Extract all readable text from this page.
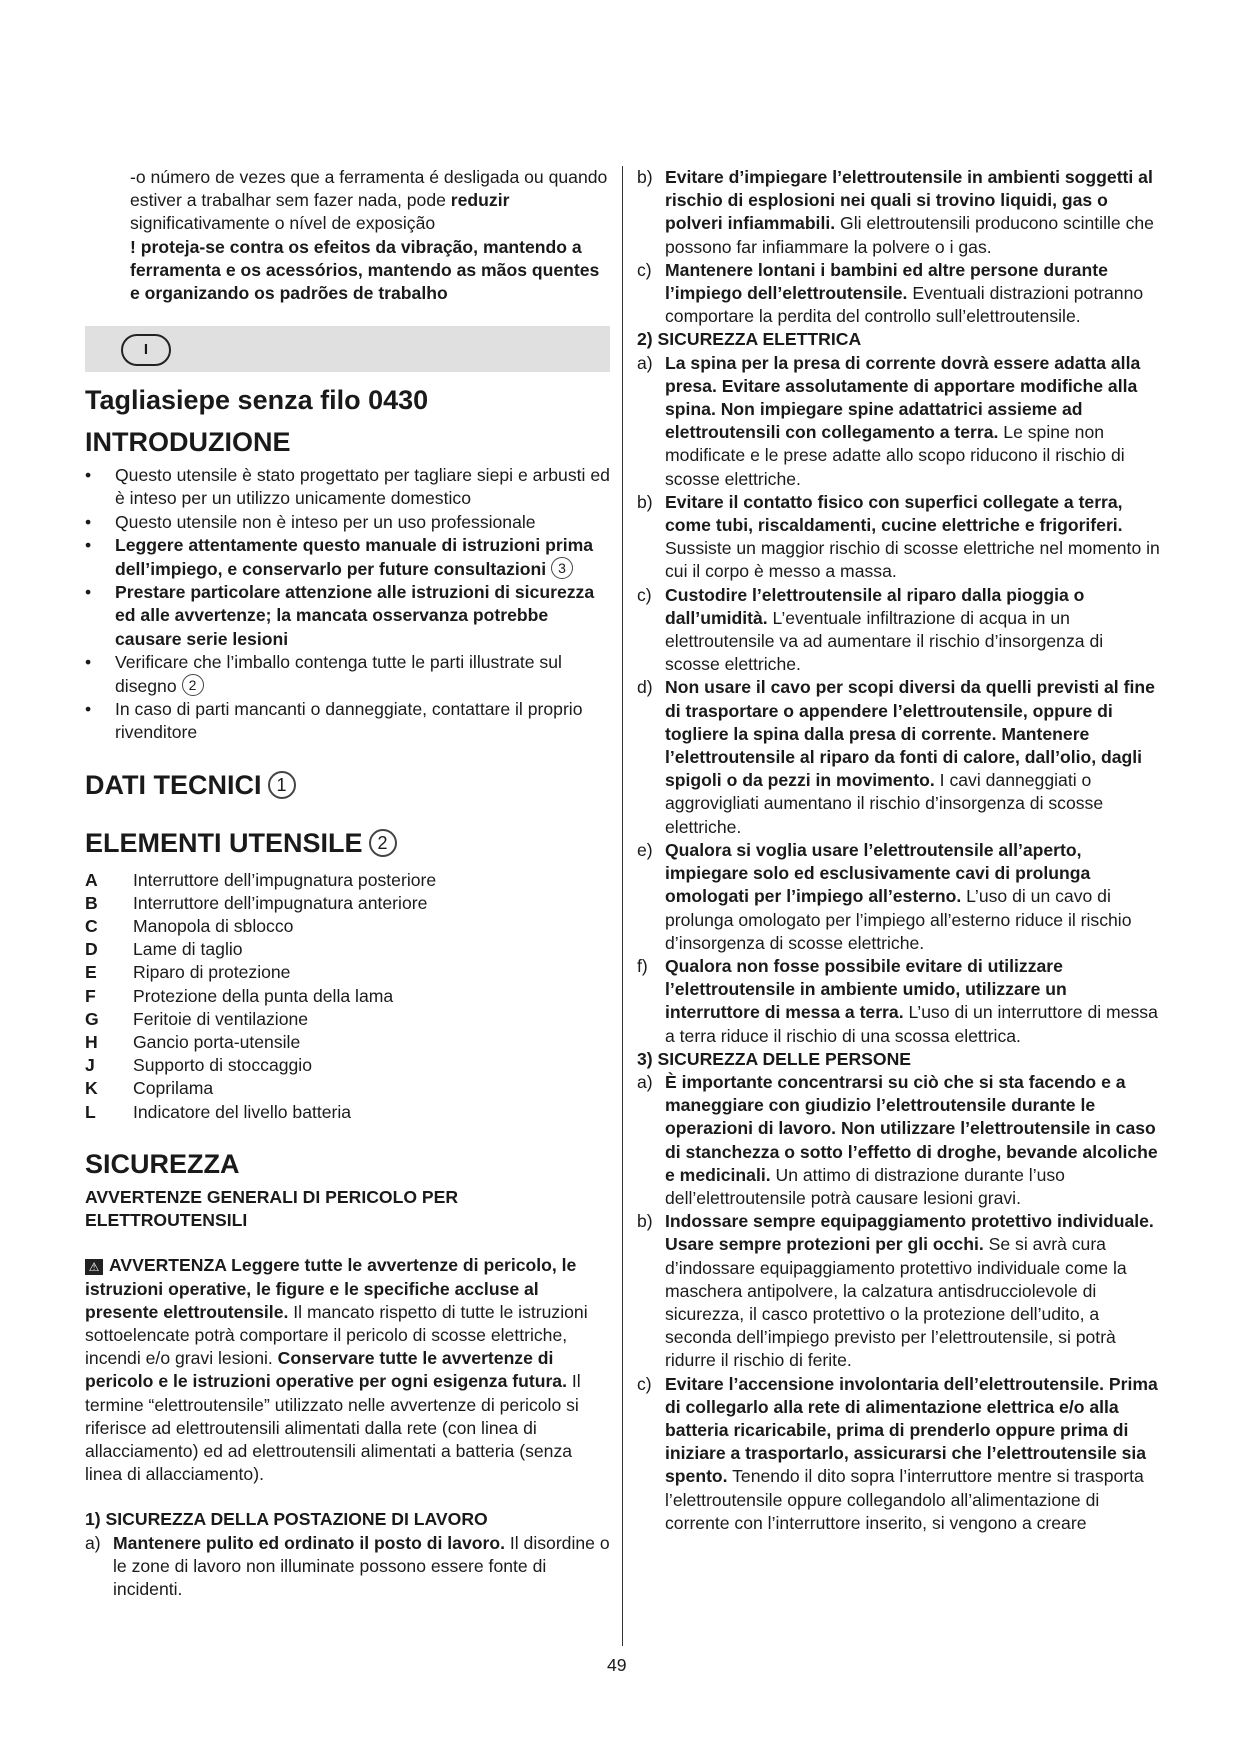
-o número de vezes que a ferramenta é desligada ou quando estiver a trabalhar sem fazer nada, pode reduzir significativamente o nível de exposição

! proteja-se contra os efeitos da vibração, mantendo a ferramenta e os acessórios, mantendo as mãos quentes e organizando os padrões de trabalho

I
Tagliasiepe senza filo 0430
INTRODUZIONE
• Questo utensile è stato progettato per tagliare siepi e arbusti ed è inteso per un utilizzo unicamente domestico
• Questo utensile non è inteso per un uso professionale
• Leggere attentamente questo manuale di istruzioni prima dell’impiego, e conservarlo per future consultazioni 3
• Prestare particolare attenzione alle istruzioni di sicurezza ed alle avvertenze; la mancata osservanza potrebbe causare serie lesioni
• Verificare che l’imballo contenga tutte le parti illustrate sul disegno 2
• In caso di parti mancanti o danneggiate, contattare il proprio rivenditore
DATI TECNICI 1
ELEMENTI UTENSILE 2
A	Interruttore dell’impugnatura posteriore
B	Interruttore dell’impugnatura anteriore
C	Manopola di sblocco
D	Lame di taglio
E	Riparo di protezione
F	Protezione della punta della lama
G	Feritoie di ventilazione
H	Gancio porta-utensile
J	Supporto di stoccaggio
K	Coprilama
L	Indicatore del livello batteria
SICUREZZA

AVVERTENZE GENERALI DI PERICOLO PER ELETTROUTENSILI

⚠ AVVERTENZA Leggere tutte le avvertenze di pericolo, le istruzioni operative, le figure e le specifiche accluse al presente elettroutensile. Il mancato rispetto di tutte le istruzioni sottoelencate potrà comportare il pericolo di scosse elettriche, incendi e/o gravi lesioni. Conservare tutte le avvertenze di pericolo e le istruzioni operative per ogni esigenza futura. Il termine “elettroutensile” utilizzato nelle avvertenze di pericolo si riferisce ad elettroutensili alimentati dalla rete (con linea di allacciamento) ed ad elettroutensili alimentati a batteria (senza linea di allacciamento).

1) SICUREZZA DELLA POSTAZIONE DI LAVORO

a) Mantenere pulito ed ordinato il posto di lavoro. Il disordine o le zone di lavoro non illuminate possono essere fonte di incidenti.
b) Evitare d’impiegare l’elettroutensile in ambienti soggetti al rischio di esplosioni nei quali si trovino liquidi, gas o polveri infiammabili. Gli elettroutensili producono scintille che possono far infiammare la polvere o i gas.
c) Mantenere lontani i bambini ed altre persone durante l’impiego dell’elettroutensile. Eventuali distrazioni potranno comportare la perdita del controllo sull’elettroutensile.

2) SICUREZZA ELETTRICA

a) La spina per la presa di corrente dovrà essere adatta alla presa. Evitare assolutamente di apportare modifiche alla spina. Non impiegare spine adattatrici assieme ad elettroutensili con collegamento a terra. Le spine non modificate e le prese adatte allo scopo riducono il rischio di scosse elettriche.
b) Evitare il contatto fisico con superfici collegate a terra, come tubi, riscaldamenti, cucine elettriche e frigoriferi. Sussiste un maggior rischio di scosse elettriche nel momento in cui il corpo è messo a massa.
c) Custodire l’elettroutensile al riparo dalla pioggia o dall’umidità. L’eventuale infiltrazione di acqua in un elettroutensile va ad aumentare il rischio d’insorgenza di scosse elettriche.
d) Non usare il cavo per scopi diversi da quelli previsti al fine di trasportare o appendere l’elettroutensile, oppure di togliere la spina dalla presa di corrente. Mantenere l’elettroutensile al riparo da fonti di calore, dall’olio, dagli spigoli o da pezzi in movimento. I cavi danneggiati o aggrovigliati aumentano il rischio d’insorgenza di scosse elettriche.
e) Qualora si voglia usare l’elettroutensile all’aperto, impiegare solo ed esclusivamente cavi di prolunga omologati per l’impiego all’esterno. L’uso di un cavo di prolunga omologato per l’impiego all’esterno riduce il rischio d’insorgenza di scosse elettriche.
f) Qualora non fosse possibile evitare di utilizzare l’elettroutensile in ambiente umido, utilizzare un interruttore di messa a terra. L’uso di un interruttore di messa a terra riduce il rischio di una scossa elettrica.

3) SICUREZZA DELLE PERSONE

a) È importante concentrarsi su ciò che si sta facendo e a maneggiare con giudizio l’elettroutensile durante le operazioni di lavoro. Non utilizzare l’elettroutensile in caso di stanchezza o sotto l’effetto di droghe, bevande alcoliche e medicinali. Un attimo di distrazione durante l’uso dell’elettroutensile potrà causare lesioni gravi.
b) Indossare sempre equipaggiamento protettivo individuale. Usare sempre protezioni per gli occhi. Se si avrà cura d’indossare equipaggiamento protettivo individuale come la maschera antipolvere, la calzatura antisdrucciolevole di sicurezza, il casco protettivo o la protezione dell’udito, a seconda dell’impiego previsto per l’elettroutensile, si potrà ridurre il rischio di ferite.
c) Evitare l’accensione involontaria dell’elettroutensile. Prima di collegarlo alla rete di alimentazione elettrica e/o alla batteria ricaricabile, prima di prenderlo oppure prima di iniziare a trasportarlo, assicurarsi che l’elettroutensile sia spento. Tenendo il dito sopra l’interruttore mentre si trasporta l’elettroutensile oppure collegandolo all’alimentazione di corrente con l’interruttore inserito, si vengono a creare
49
